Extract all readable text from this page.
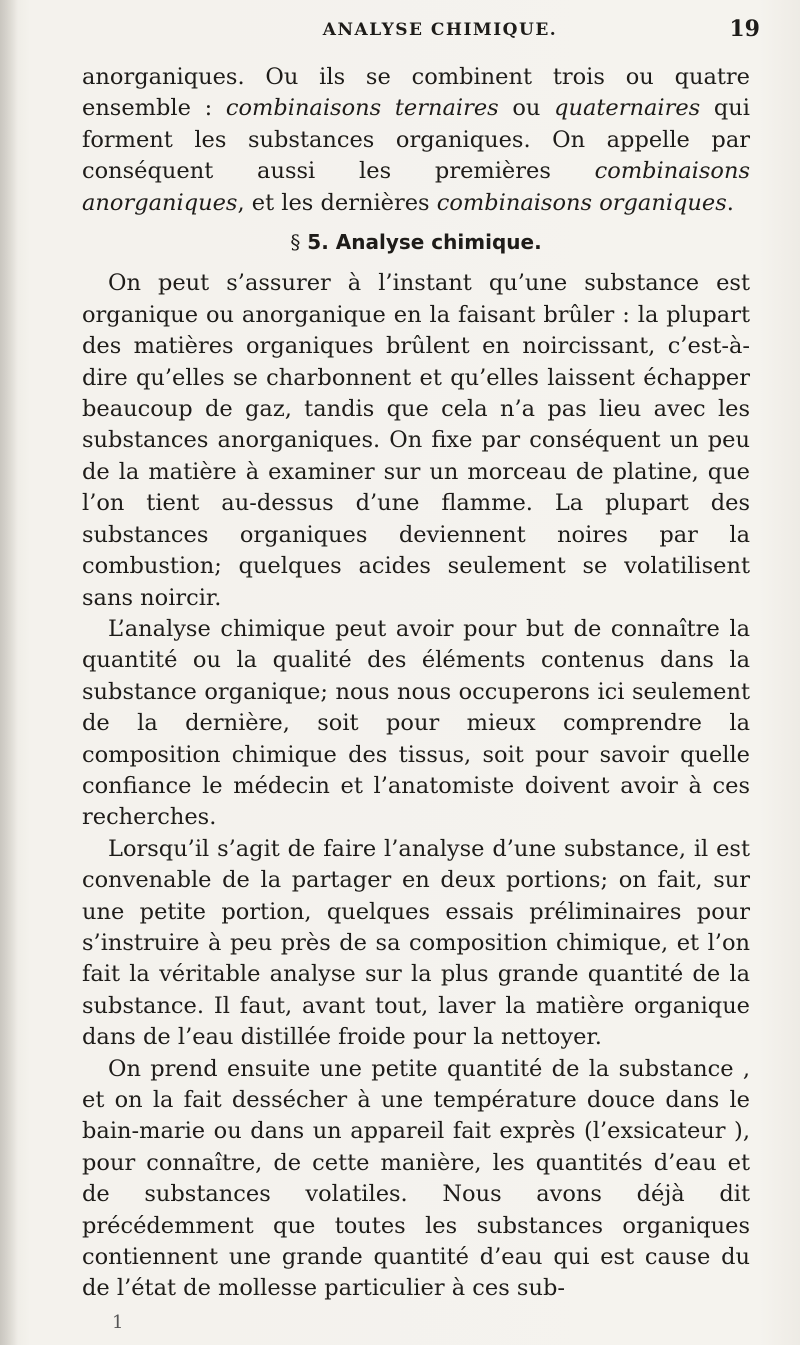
ANALYSE CHIMIQUE.	19

anorganiques. Ou ils se combinent trois ou quatre ensemble : combinaisons ternaires ou quaternaires qui forment les substances organiques. On appelle par conséquent aussi les premières combinaisons anorganiques, et les dernières combinaisons organiques.

§ 5. Analyse chimique.

On peut s’assurer à l’instant qu’une substance est organique ou anorganique en la faisant brûler : la plupart des matières organiques brûlent en noircissant, c’est-à-dire qu’elles se charbonnent et qu’elles laissent échapper beaucoup de gaz, tandis que cela n’a pas lieu avec les substances anorganiques. On fixe par conséquent un peu de la matière à examiner sur un morceau de platine, que l’on tient au-dessus d’une flamme. La plupart des substances organiques deviennent noires par la combustion; quelques acides seulement se volatilisent sans noircir.

L’analyse chimique peut avoir pour but de connaître la quantité ou la qualité des éléments contenus dans la substance organique; nous nous occuperons ici seulement de la dernière, soit pour mieux comprendre la composition chimique des tissus, soit pour savoir quelle confiance le médecin et l’anatomiste doivent avoir à ces recherches.

Lorsqu’il s’agit de faire l’analyse d’une substance, il est convenable de la partager en deux portions; on fait, sur une petite portion, quelques essais préliminaires pour s’instruire à peu près de sa composition chimique, et l’on fait la véritable analyse sur la plus grande quantité de la substance. Il faut, avant tout, laver la matière organique dans de l’eau distillée froide pour la nettoyer.

On prend ensuite une petite quantité de la substance , et on la fait dessécher à une température douce dans le bain-marie ou dans un appareil fait exprès (l’exsicateur ), pour connaître, de cette manière, les quantités d’eau et de substances volatiles. Nous avons déjà dit précédemment que toutes les substances organiques contiennent une grande quantité d’eau qui est cause du de l’état de mollesse particulier à ces sub-

1
